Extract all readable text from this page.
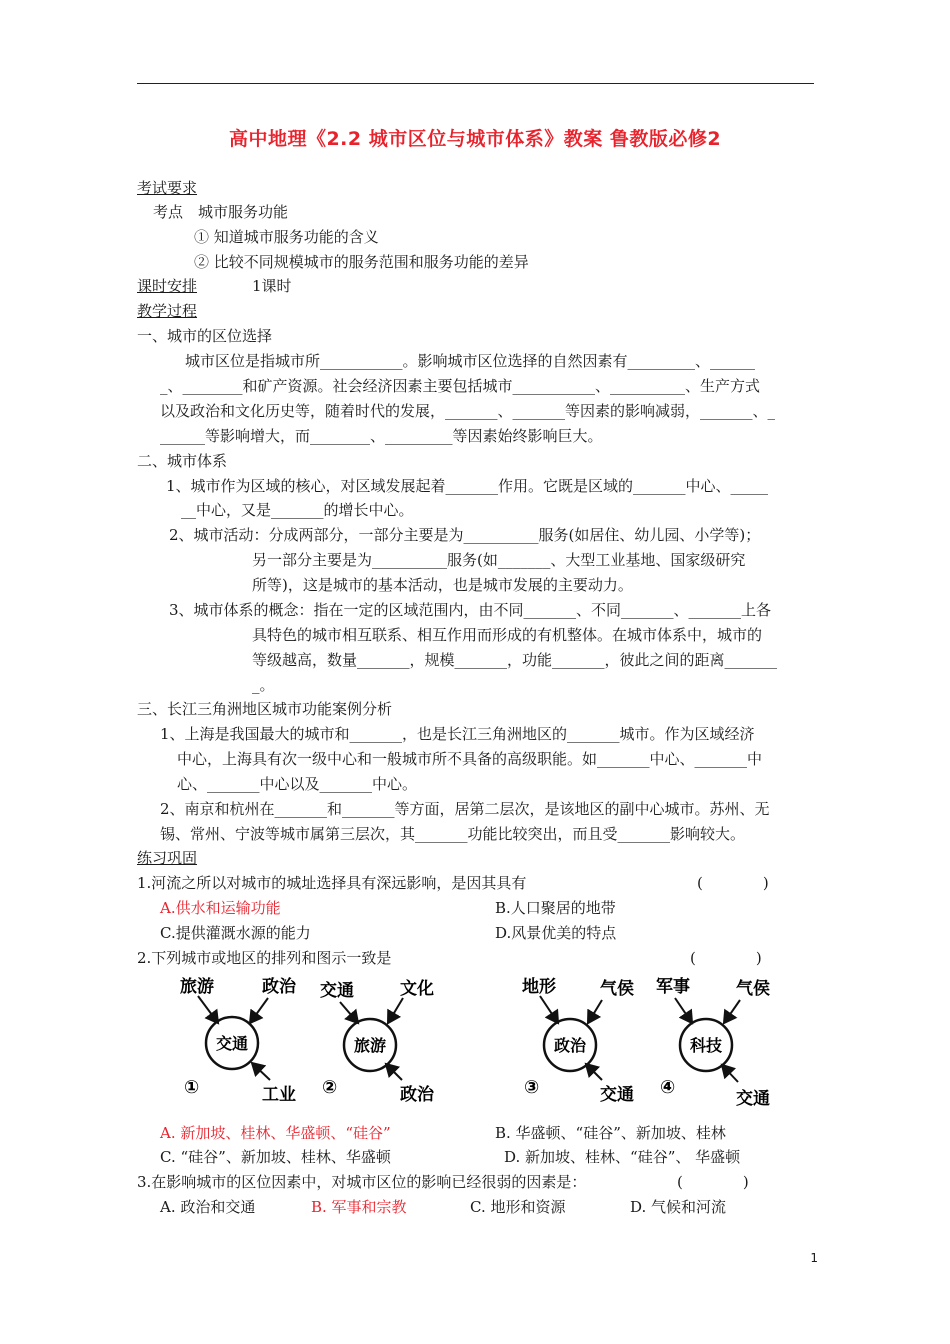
高中地理《2.2 城市区位与城市体系》教案 鲁教版必修2
考试要求
考点　城市服务功能
① 知道城市服务功能的含义
② 比较不同规模城市的服务范围和服务功能的差异
课时安排	1课时
教学过程
一、城市的区位选择
城市区位是指城市所___________。影响城市区位选择的自然因素有_________、______
_、________和矿产资源。社会经济因素主要包括城市___________、__________、生产方式
以及政治和文化历史等，随着时代的发展，_______、_______等因素的影响减弱，_______、_
______等影响增大，而________、_________等因素始终影响巨大。
二、城市体系
1、城市作为区域的核心，对区域发展起着_______作用。它既是区域的_______中心、_____
__中心，又是_______的增长中心。
2、城市活动：分成两部分，一部分主要是为__________服务(如居住、幼儿园、小学等)；
另一部分主要是为__________服务(如_______、大型工业基地、国家级研究
所等)，这是城市的基本活动，也是城市发展的主要动力。
3、城市体系的概念：指在一定的区域范围内，由不同_______、不同_______、_______上各
具特色的城市相互联系、相互作用而形成的有机整体。在城市体系中，城市的
等级越高，数量_______，规模_______，功能_______，彼此之间的距离_______
_。
三、长江三角洲地区城市功能案例分析
1、上海是我国最大的城市和_______，也是长江三角洲地区的_______城市。作为区域经济
中心，上海具有次一级中心和一般城市所不具备的高级职能。如_______中心、_______中
心、_______中心以及_______中心。
2、南京和杭州在_______和_______等方面，居第二层次，是该地区的副中心城市。苏州、无
锡、常州、宁波等城市属第三层次，其_______功能比较突出，而且受_______影响较大。
练习巩固
1.河流之所以对城市的城址选择具有深远影响，是因其具有	(　　　　)
A.供水和运输功能	B.人口聚居的地带
C.提供灌溉水源的能力	D.风景优美的特点
2.下列城市或地区的排列和图示一致是	(　　　　)
交通
旅游	政治
工业
①
旅游
交通	文化
政治
②
政治
地形	气侯
交通
③
科技
军事	气侯
交通
④
A. 新加坡、桂林、华盛顿、“硅谷”	B. 华盛顿、“硅谷”、新加坡、桂林
C. “硅谷”、新加坡、桂林、华盛顿	D. 新加坡、桂林、“硅谷”、 华盛顿
3.在影响城市的区位因素中，对城市区位的影响已经很弱的因素是：	(　　　　)
A. 政治和交通	B. 军事和宗教	C. 地形和资源	D. 气候和河流
1
